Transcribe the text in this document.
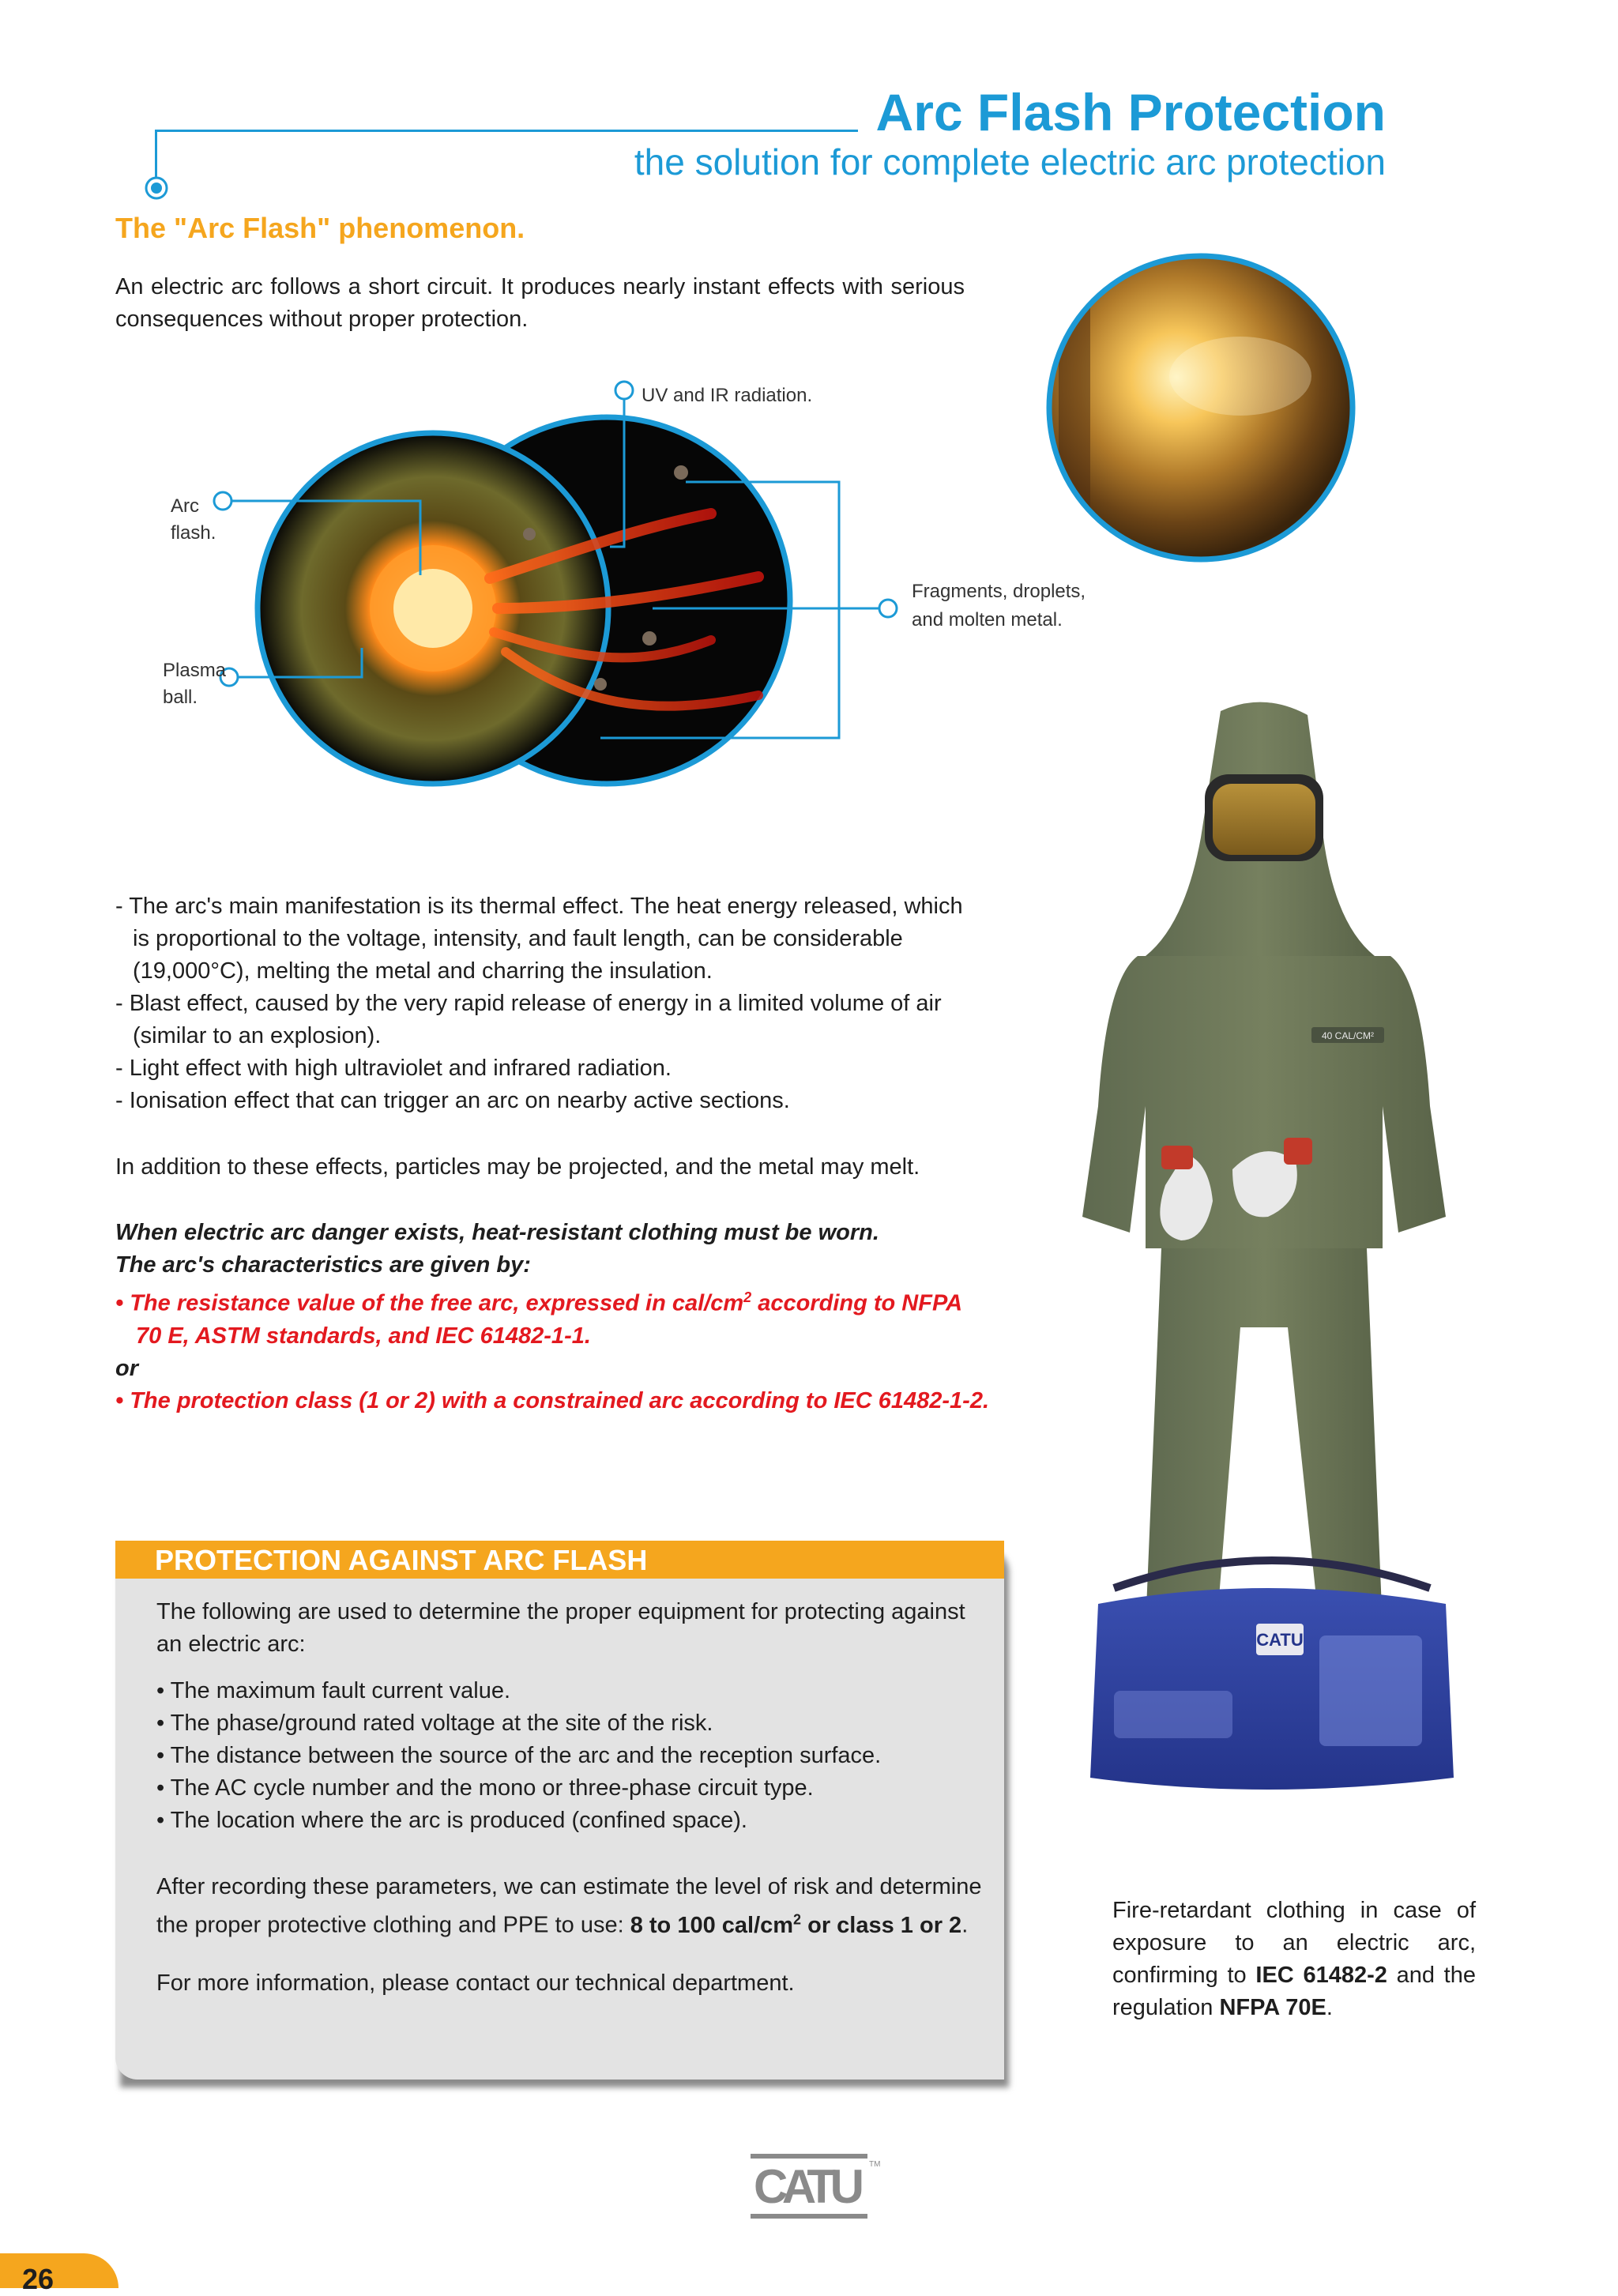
Arc Flash Protection
the solution for complete electric arc protection
The "Arc Flash" phenomenon.
An electric arc follows a short circuit. It produces nearly instant effects with serious consequences without proper protection.
UV and IR radiation.
Arc
flash.
Plasma
ball.
Fragments, droplets,
and molten metal.
- The arc's main manifestation is its thermal effect. The heat energy released, which
is proportional to the voltage, intensity, and fault length, can be considerable
(19,000°C), melting the metal and charring the insulation.
- Blast effect, caused by the very rapid release of energy in a limited volume of air
(similar to an explosion).
- Light effect with high ultraviolet and infrared radiation.
- Ionisation effect that can trigger an arc on nearby active sections.
In addition to these effects, particles may be projected, and the metal may melt.
When electric arc danger exists, heat-resistant clothing must be worn.
The arc's characteristics are given by:
• The resistance value of the free arc, expressed in cal/$cm^2$ according to NFPA
70 E, ASTM standards, and IEC 61482-1-1.
or
• The protection class (1 or 2) with a constrained arc according to IEC 61482-1-2.
40 CAL/CM²
CATU
Fire-retardant clothing in case of exposure to an electric arc, confirming to IEC 61482-2 and the regulation NFPA 70E.
PROTECTION AGAINST ARC FLASH
The following are used to determine the proper equipment for protecting against an electric arc:
• The maximum fault current value.
• The phase/ground rated voltage at the site of the risk.
• The distance between the source of the arc and the reception surface.
• The AC cycle number and the mono or three-phase circuit type.
• The location where the arc is produced (confined space).
After recording these parameters, we can estimate the level of risk and determine the proper protective clothing and PPE to use: 8 to 100 cal/$cm^2$ or class 1 or 2.
For more information, please contact our technical department.
CATU TM
26
